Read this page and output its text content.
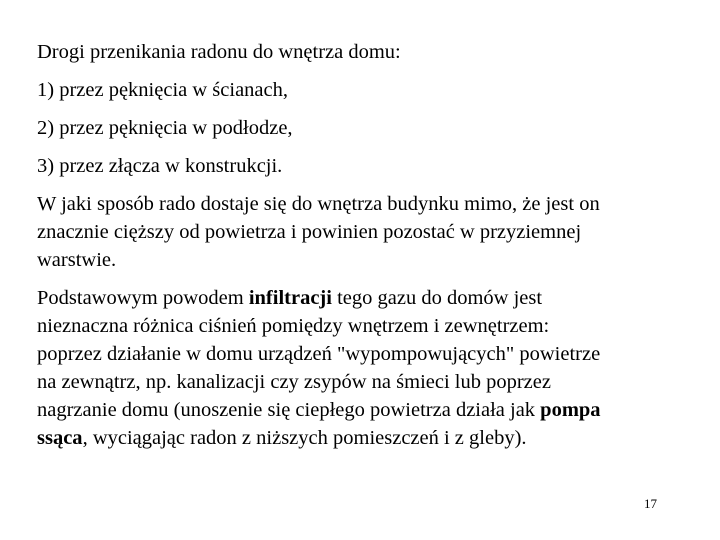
Drogi przenikania radonu do wnętrza domu:

1) przez pęknięcia w ścianach,

2) przez pęknięcia w podłodze,

3) przez złącza w konstrukcji.

W jaki sposób rado dostaje się do wnętrza budynku mimo, że jest on
znacznie cięższy od powietrza i powinien pozostać w przyziemnej
warstwie.

Podstawowym powodem infiltracji tego gazu do domów jest
nieznaczna różnica ciśnień pomiędzy wnętrzem i zewnętrzem:
poprzez działanie w domu urządzeń "wypompowujących" powietrze
na zewnątrz, np. kanalizacji czy zsypów na śmieci lub poprzez
nagrzanie domu (unoszenie się ciepłego powietrza działa jak pompa
ssąca, wyciągając radon z niższych pomieszczeń i z gleby).

17
